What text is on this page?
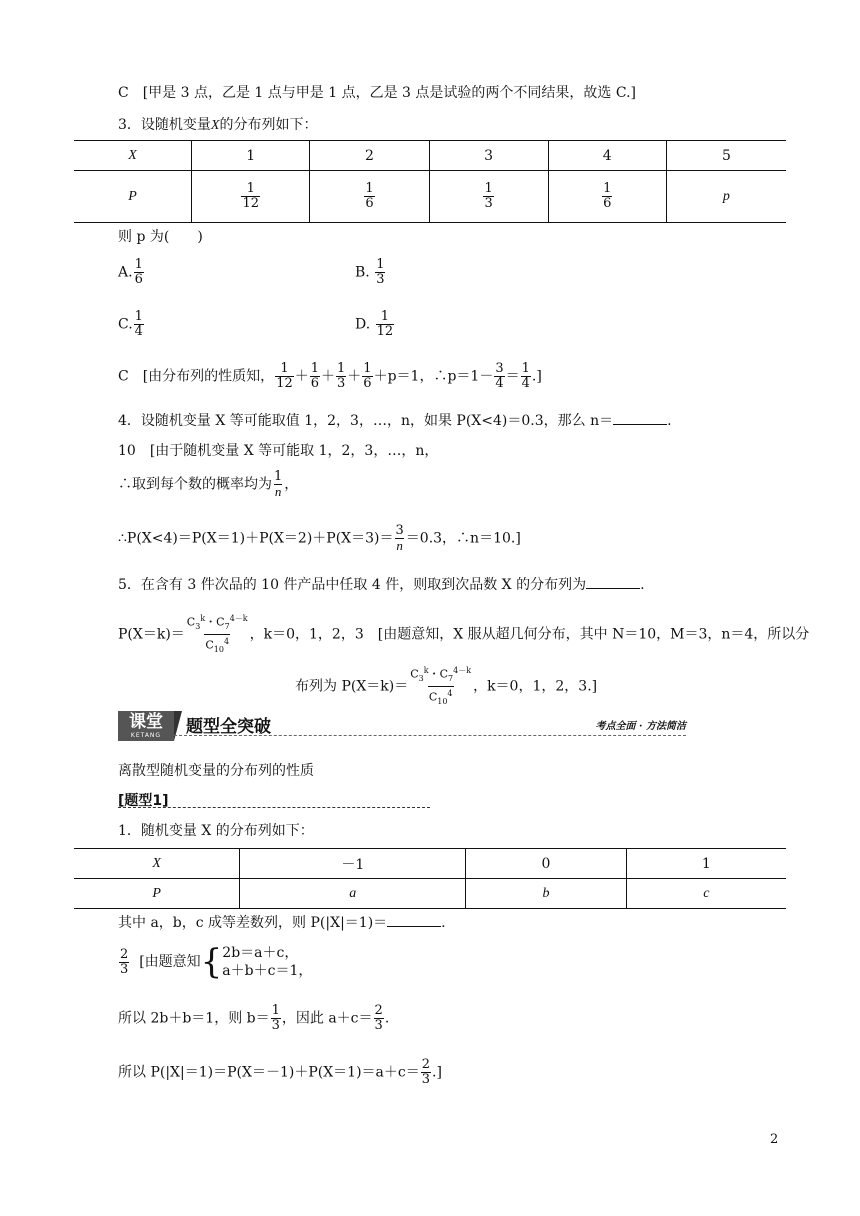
C　[甲是 3 点，乙是 1 点与甲是 1 点，乙是 3 点是试验的两个不同结果，故选 C.]
3．设随机变量X的分布列如下：
X	1	2	3	4	5
P	$\frac{1}{12}$	$\frac{1}{6}$	$\frac{1}{3}$	$\frac{1}{6}$	p
则 p 为(　　)
A. $\frac{1}{6}$	B. $\frac{1}{3}$
C. $\frac{1}{4}$	D. $\frac{1}{12}$
C　[由分布列的性质知， $\frac{1}{12} + \frac{1}{6} + \frac{1}{3} + \frac{1}{6} +p=1$，∴p＝1－ $\frac{3}{4} = \frac{1}{4}$ .]
4．设随机变量 X 等可能取值 1，2，3，…，n，如果 P(X<4)＝0.3，那么 n＝	.
10　[由于随机变量 X 等可能取 1，2，3，…，n，
∴取到每个数的概率均为 $\frac{1}{n}$ ，
∴P(X<4)＝P(X＝1)＋P(X＝2)＋P(X＝3)＝ $\frac{3}{n} =0.3$，∴n＝10.]
5．在含有 3 件次品的 10 件产品中任取 4 件，则取到次品数 X 的分布列为	.
$P(X=k)= \frac{C_3^k・C_7^{4-k}}{C_{10}^4}$ ，k＝0，1，2，3　[由题意知，X 服从超几何分布，其中 N＝10，M＝3，n＝4，所以分
布列为 $P(X=k)= \frac{C_3^k・C_7^{4-k}}{C_{10}^4}$ ，k＝0，1，2，3.]
课堂
KETANG	题型全突破	考点全面 · 方法简洁
离散型随机变量的分布列的性质
[题型1]
1．随机变量 X 的分布列如下：
X	－1	0	1
P	a	b	c
其中 a，b，c 成等差数列，则 P(|X|＝1)＝	.
$\frac{2}{3}$ [由题意知{ 2b＝a＋c，
a＋b＋c＝1，
所以 2b＋b＝1，则 $b= \frac{1}{3}$ ，因此 $a+c= \frac{2}{3}$ .
所以 $P(|X|=1)=P(X=-1)+P(X=1)=a+c= \frac{2}{3}$ .]
2
